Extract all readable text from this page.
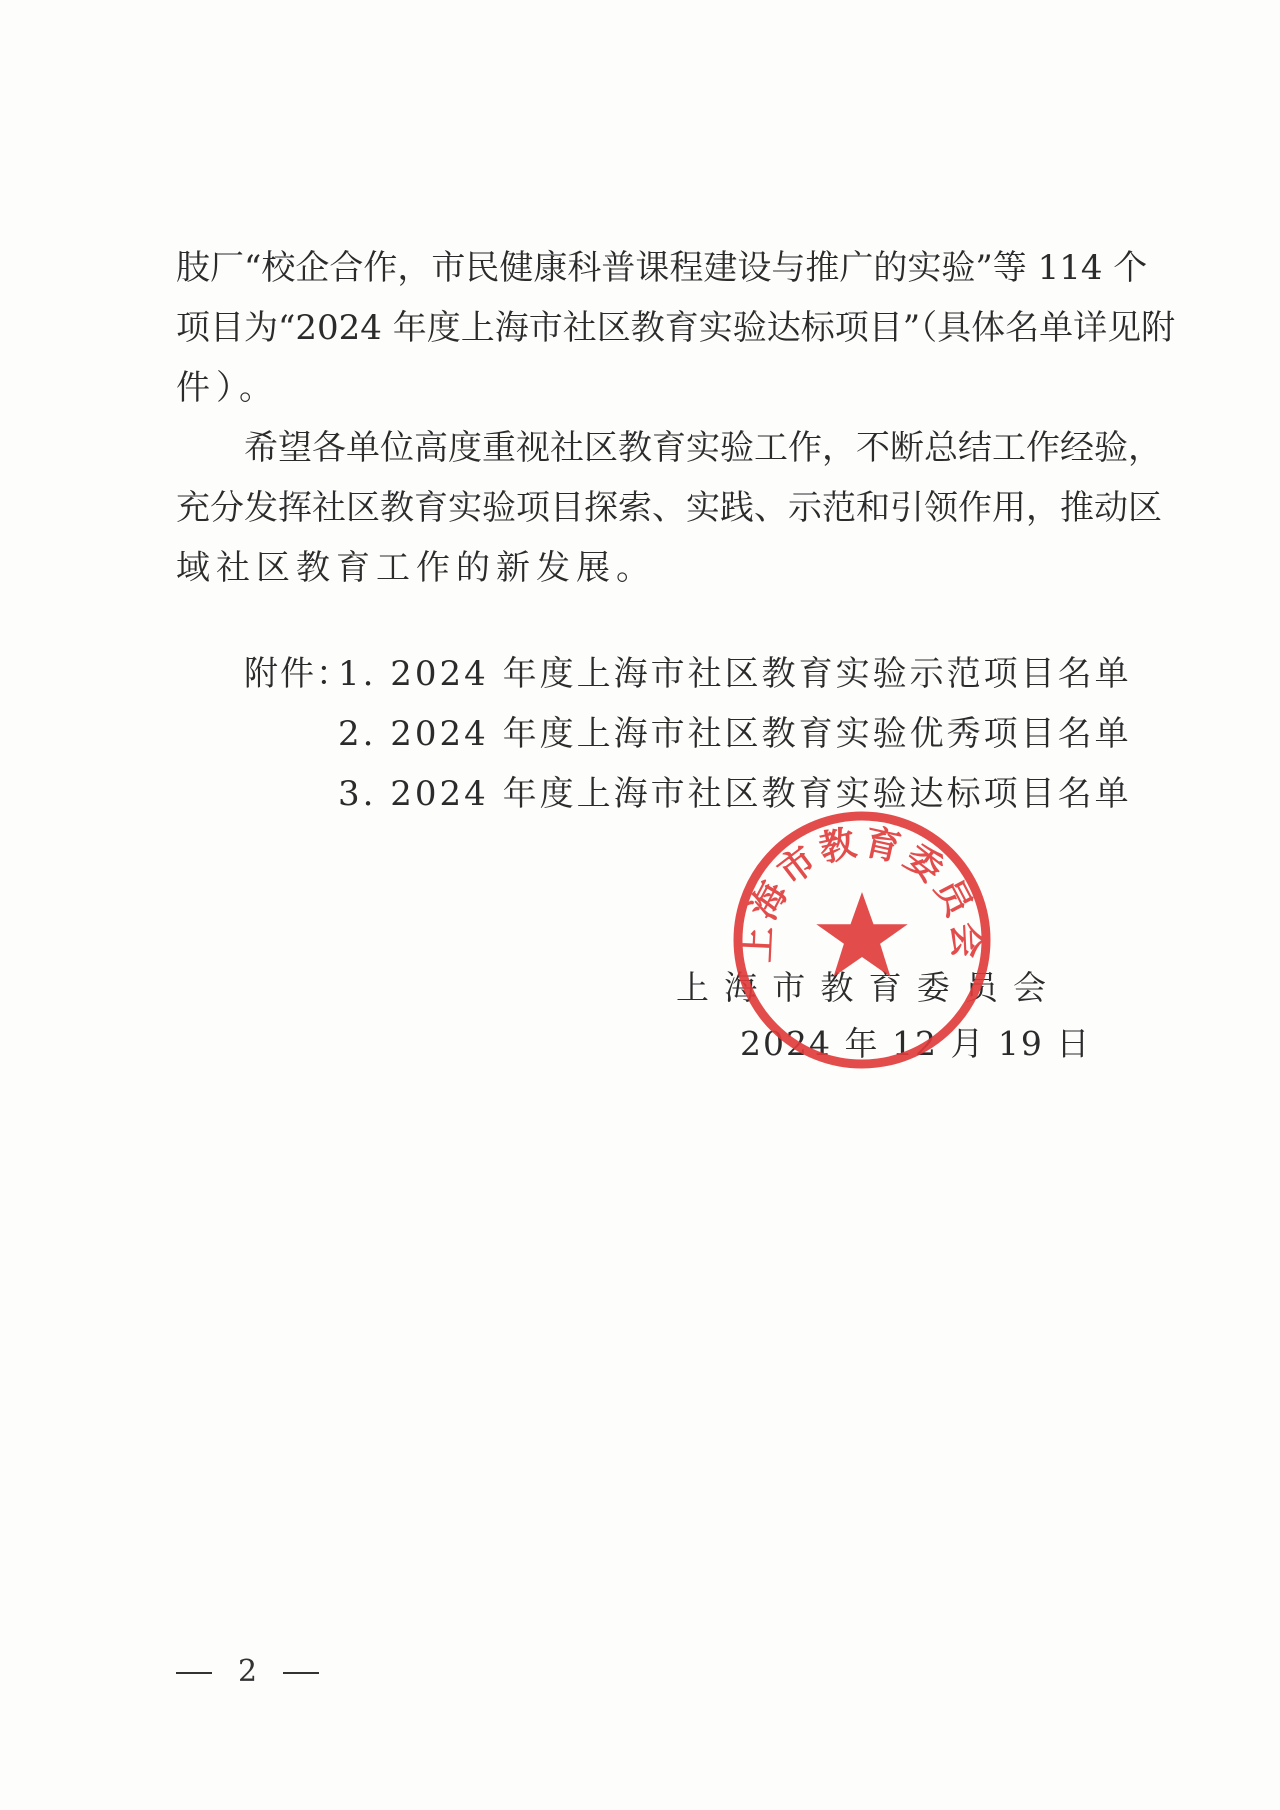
肢厂“校企合作，市民健康科普课程建设与推广的实验”等 114 个
项目为“2024 年度上海市社区教育实验达标项目”（具体名单详见附
件）。
希望各单位高度重视社区教育实验工作，不断总结工作经验，
充分发挥社区教育实验项目探索、实践、示范和引领作用，推动区
域社区教育工作的新发展。
附件：
1. 2024 年度上海市社区教育实验示范项目名单
2. 2024 年度上海市社区教育实验优秀项目名单
3. 2024 年度上海市社区教育实验达标项目名单
上海市教育委员会
2024 年 12 月 19 日
上海市教育委员会
2
